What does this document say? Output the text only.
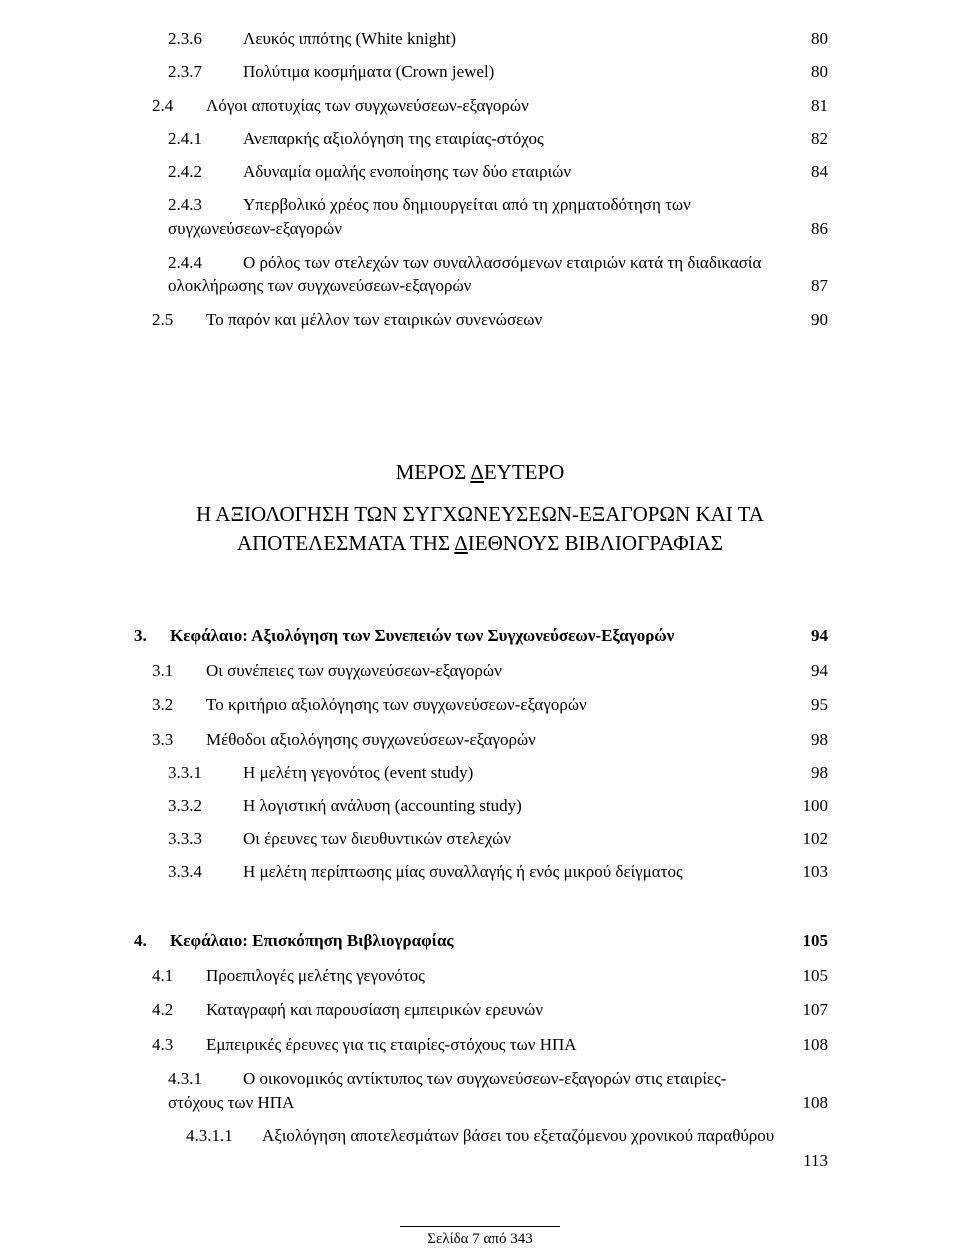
2.3.6 Λευκός ιππότης (White knight)	80
2.3.7 Πολύτιμα κοσμήματα (Crown jewel)	80
2.4 Λόγοι αποτυχίας των συγχωνεύσεων-εξαγορών	81
2.4.1 Ανεπαρκής αξιολόγηση της εταιρίας-στόχος	82
2.4.2 Αδυναμία ομαλής ενοποίησης των δύο εταιριών	84
2.4.3 Υπερβολικό χρέος που δημιουργείται από τη χρηματοδότηση των
συγχωνεύσεων-εξαγορών	86
2.4.4 Ο ρόλος των στελεχών των συναλλασσόμενων εταιριών κατά τη διαδικασία
ολοκλήρωσης των συγχωνεύσεων-εξαγορών	87
2.5 Το παρόν και μέλλον των εταιρικών συνενώσεων	90
ΜΕΡΟΣ ΔΕΥΤΕΡΟ
Η ΑΞΙΟΛΟΓΗΣΗ ΤΩΝ ΣΥΓΧΩΝΕΥΣΕΩΝ-ΕΞΑΓΟΡΩΝ ΚΑΙ ΤΑ
ΑΠΟΤΕΛΕΣΜΑΤΑ ΤΗΣ ΔΙΕΘΝΟΥΣ ΒΙΒΛΙΟΓΡΑΦΙΑΣ
3. Κεφάλαιο: Αξιολόγηση των Συνεπειών των Συγχωνεύσεων-Εξαγορών	94
3.1 Οι συνέπειες των συγχωνεύσεων-εξαγορών	94
3.2 Το κριτήριο αξιολόγησης των συγχωνεύσεων-εξαγορών	95
3.3 Μέθοδοι αξιολόγησης συγχωνεύσεων-εξαγορών	98
3.3.1 Η μελέτη γεγονότος (event study)	98
3.3.2 Η λογιστική ανάλυση (accounting study)	100
3.3.3 Οι έρευνες των διευθυντικών στελεχών	102
3.3.4 Η μελέτη περίπτωσης μίας συναλλαγής ή ενός μικρού δείγματος	103
4. Κεφάλαιο: Επισκόπηση Βιβλιογραφίας	105
4.1 Προεπιλογές μελέτης γεγονότος	105
4.2 Καταγραφή και παρουσίαση εμπειρικών ερευνών	107
4.3 Εμπειρικές έρευνες για τις εταιρίες-στόχους των ΗΠΑ	108
4.3.1 Ο οικονομικός αντίκτυπος των συγχωνεύσεων-εξαγορών στις εταιρίες-
στόχους των ΗΠΑ	108
4.3.1.1 Αξιολόγηση αποτελεσμάτων βάσει του εξεταζόμενου χρονικού παραθύρου
113
Σελίδα 7 από 343
